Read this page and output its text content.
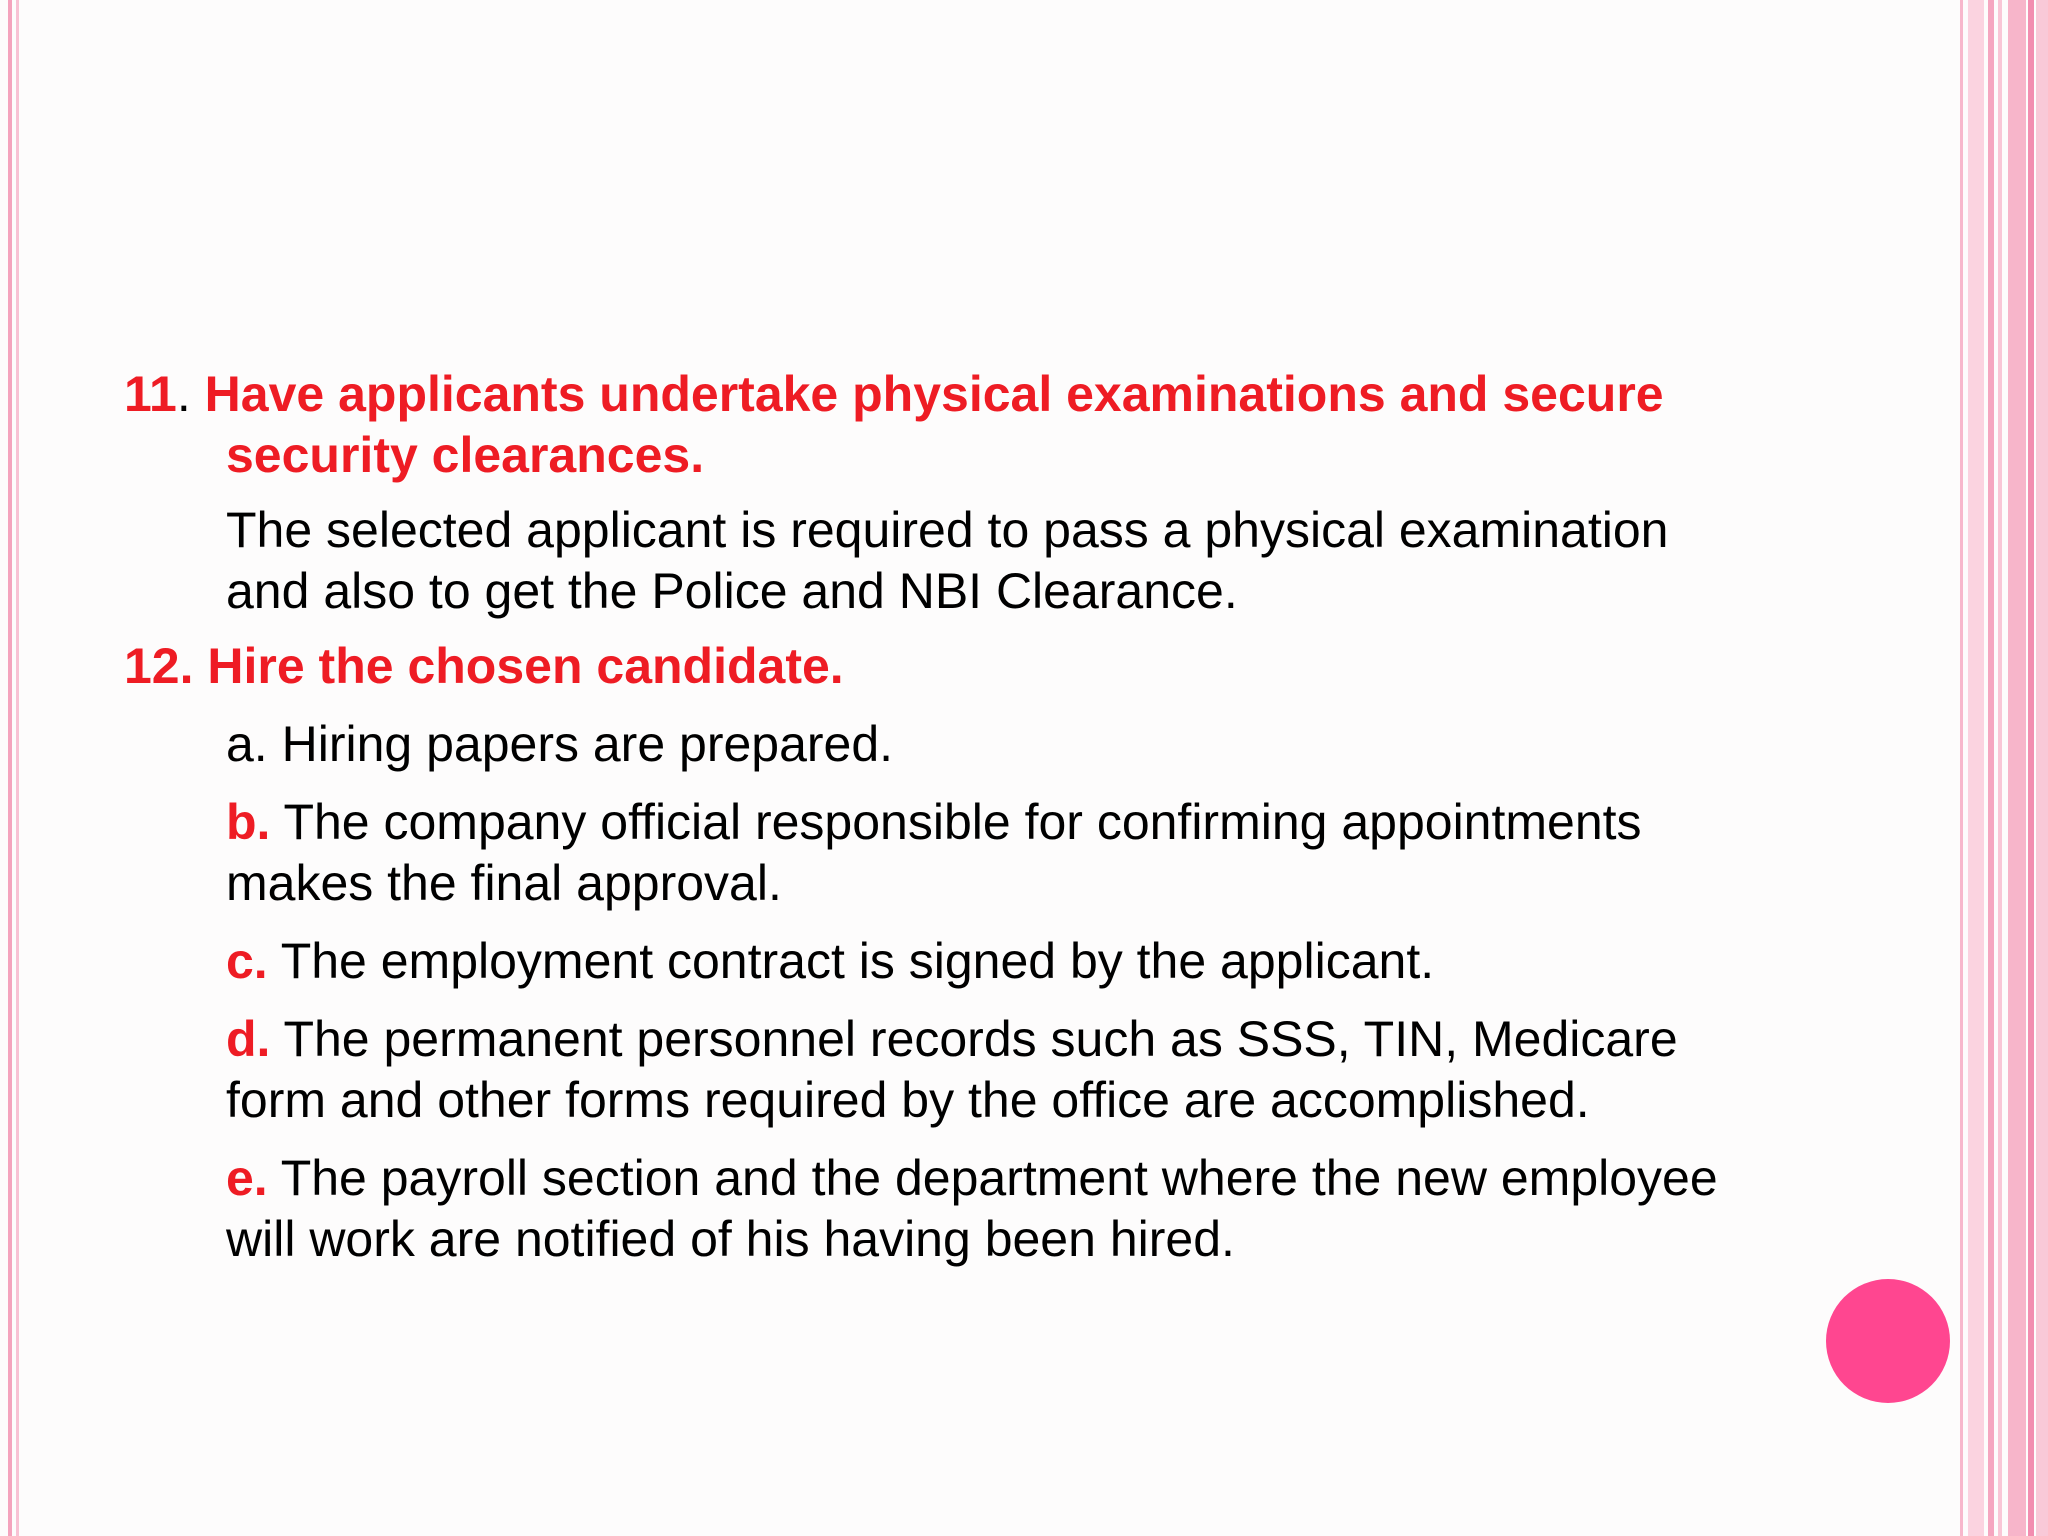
11. Have applicants undertake physical examinations and secure security clearances.

The selected applicant is required to pass a physical examination and also to get the Police and NBI Clearance.

12. Hire the chosen candidate.

a. Hiring papers are prepared.

b. The company official responsible for confirming appointments makes the final approval.

c. The employment contract is signed by the applicant.

d. The permanent personnel records such as SSS, TIN, Medicare form and other forms required by the office are accomplished.

e. The payroll section and the department where the new employee will work are notified of his having been hired.
